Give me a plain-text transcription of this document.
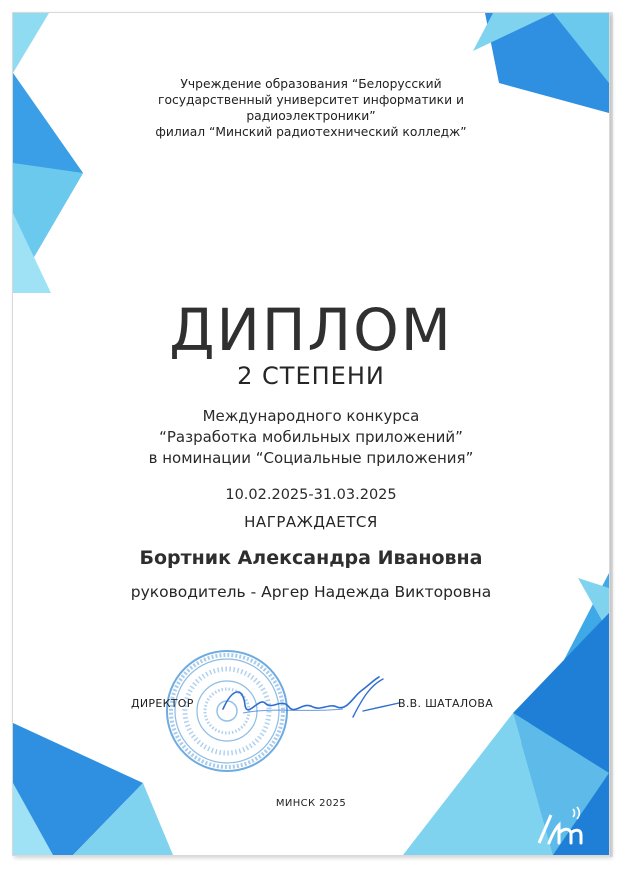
Учреждение образования “Белорусский
государственный университет информатики и
радиоэлектроники”
филиал “Минский радиотехнический колледж”
ДИПЛОМ
2 СТЕПЕНИ
Международного конкурса
“Разработка мобильных приложений”
в номинации “Социальные приложения”
10.02.2025-31.03.2025
НАГРАЖДАЕТСЯ
Бортник Александра Ивановна
руководитель - Аргер Надежда Викторовна
ДИРЕКТОР	В.В. ШАТАЛОВА
МИНСК 2025
